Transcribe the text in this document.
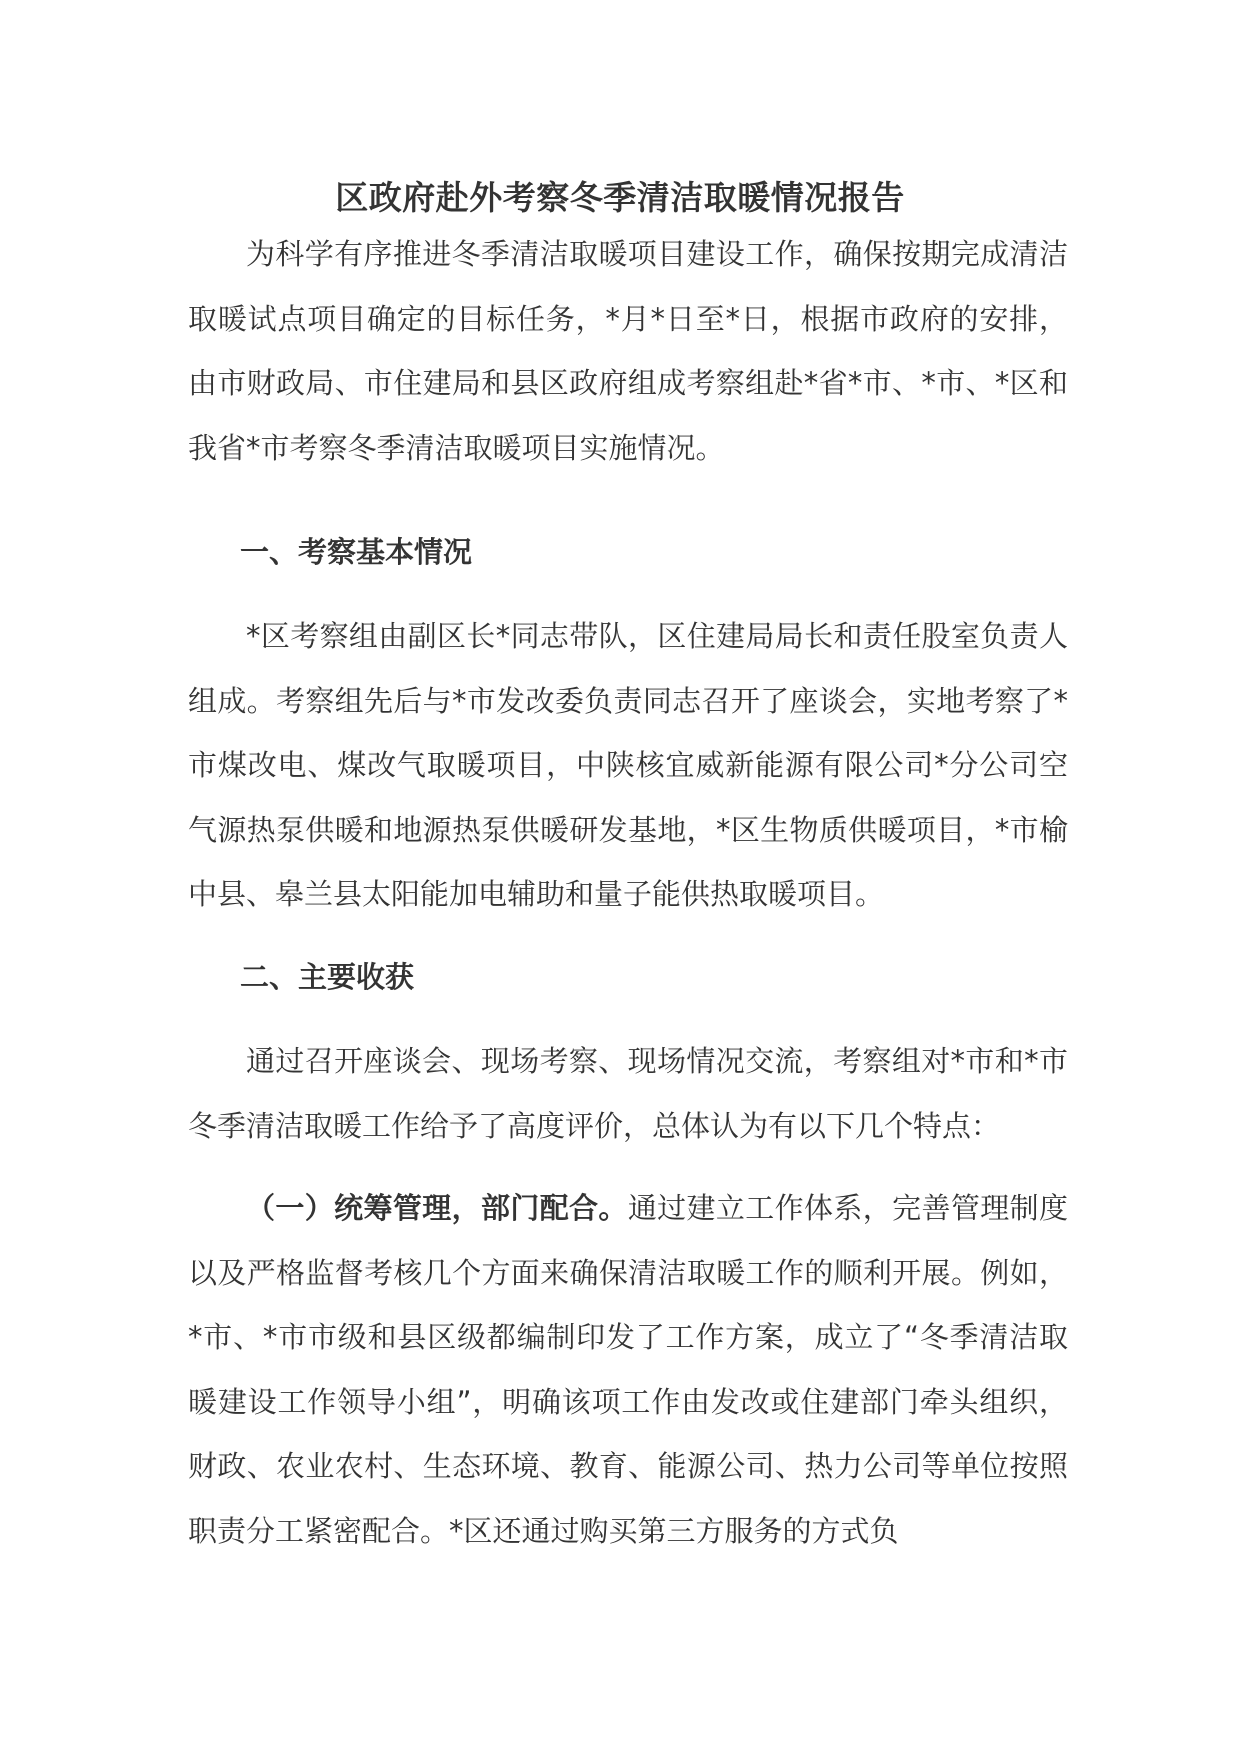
区政府赴外考察冬季清洁取暖情况报告

为科学有序推进冬季清洁取暖项目建设工作，确保按期完成清洁取暖试点项目确定的目标任务，*月*日至*日，根据市政府的安排，由市财政局、市住建局和县区政府组成考察组赴*省*市、*市、*区和我省*市考察冬季清洁取暖项目实施情况。

一、考察基本情况

*区考察组由副区长*同志带队，区住建局局长和责任股室负责人组成。考察组先后与*市发改委负责同志召开了座谈会，实地考察了*市煤改电、煤改气取暖项目，中陕核宜威新能源有限公司*分公司空气源热泵供暖和地源热泵供暖研发基地，*区生物质供暖项目，*市榆中县、皋兰县太阳能加电辅助和量子能供热取暖项目。

二、主要收获

通过召开座谈会、现场考察、现场情况交流，考察组对*市和*市冬季清洁取暖工作给予了高度评价，总体认为有以下几个特点：

（一）统筹管理，部门配合。通过建立工作体系，完善管理制度以及严格监督考核几个方面来确保清洁取暖工作的顺利开展。例如，*市、*市市级和县区级都编制印发了工作方案，成立了“冬季清洁取暖建设工作领导小组”，明确该项工作由发改或住建部门牵头组织，财政、农业农村、生态环境、教育、能源公司、热力公司等单位按照职责分工紧密配合。*区还通过购买第三方服务的方式负
